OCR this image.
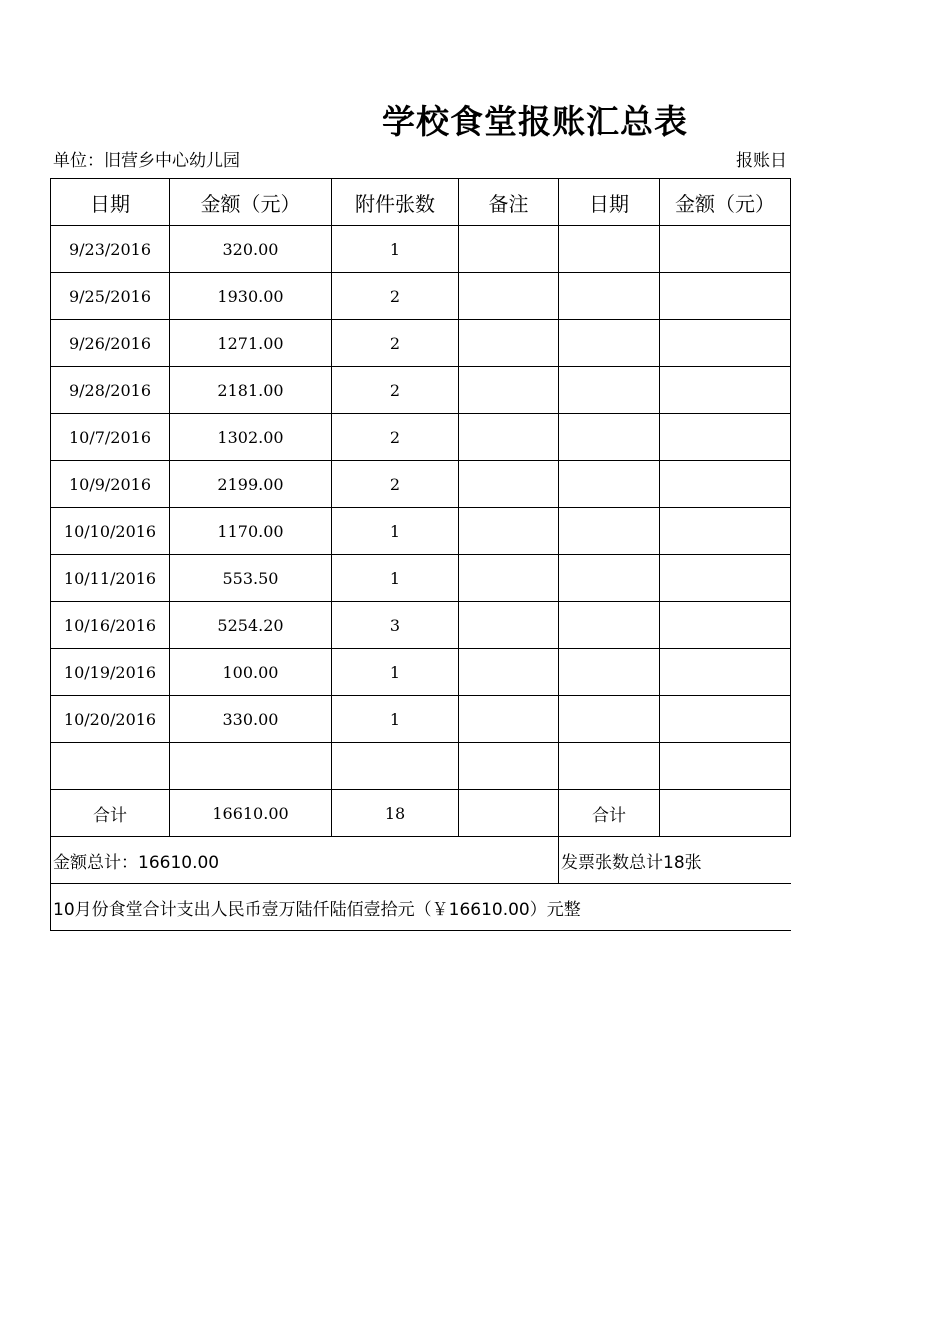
学校食堂报账汇总表
单位：旧营乡中心幼儿园	报账日
日期	金额（元）	附件张数	备注	日期	金额（元）
9/23/2016	320.00	1			
9/25/2016	1930.00	2			
9/26/2016	1271.00	2			
9/28/2016	2181.00	2			
10/7/2016	1302.00	2			
10/9/2016	2199.00	2			
10/10/2016	1170.00	1			
10/11/2016	553.50	1			
10/16/2016	5254.20	3			
10/19/2016	100.00	1			
10/20/2016	330.00	1			

合计	16610.00	18		合计	
金额总计：16610.00				发票张数总计18张	
10月份食堂合计支出人民币壹万陆仟陆佰壹拾元（￥16610.00）元整					
